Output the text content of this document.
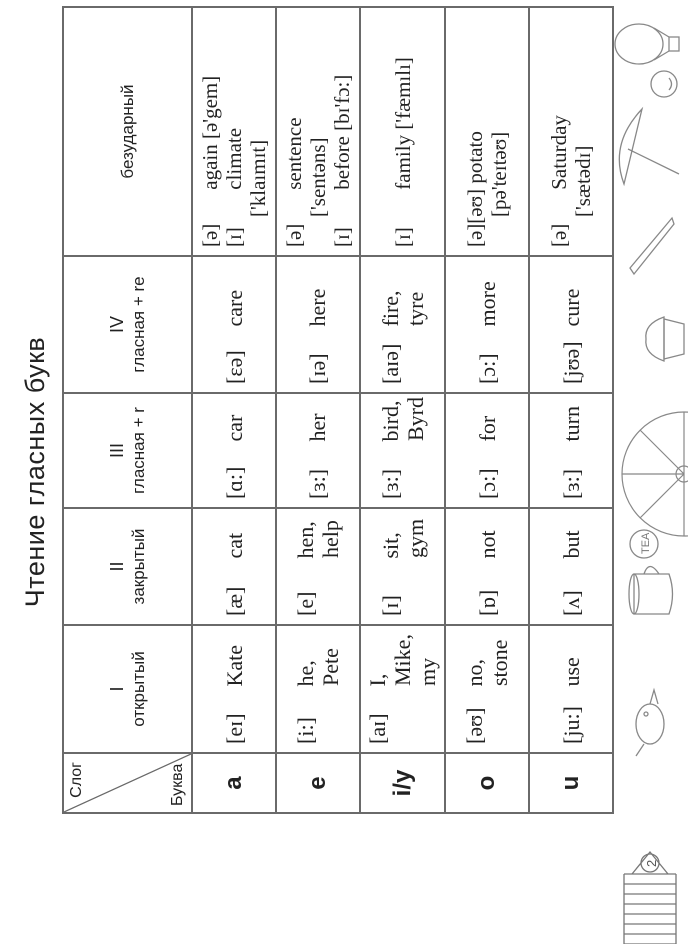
Чтение гласных букв
Слог Буква	I открытый	II закрытый	III гласная + r	IV гласная + re	безударный
a	[eɪ] Kate	[æ] cat	[ɑ:] car	[ɛə] care	[ə] again [ə'gem]
[ɪ] climate ['klaımɪt]

e	[i:] he, Pete	[e] hen, help	[ɜ:] her	[ɪə] here	[ə] sentence ['sentəns]
[ɪ] before [bɪ'fɔ:]

i/y	[aɪ] I, Mike, my	[ɪ] sit, gym	[ɜ:] bird, Byrd	[aɪə] fire, tyre	[ɪ] family ['fæmılı]

o	[əʊ] no, stone	[ɒ] not	[ɔ:] for	[ɔ:] more	[ə][əʊ] potato [pə'teɪtəʊ]

u	[ju:] use	[ʌ] but	[ɜ:] turn	[jʊə] cure	[ə] Saturday ['sætədɪ]
2
TEA
